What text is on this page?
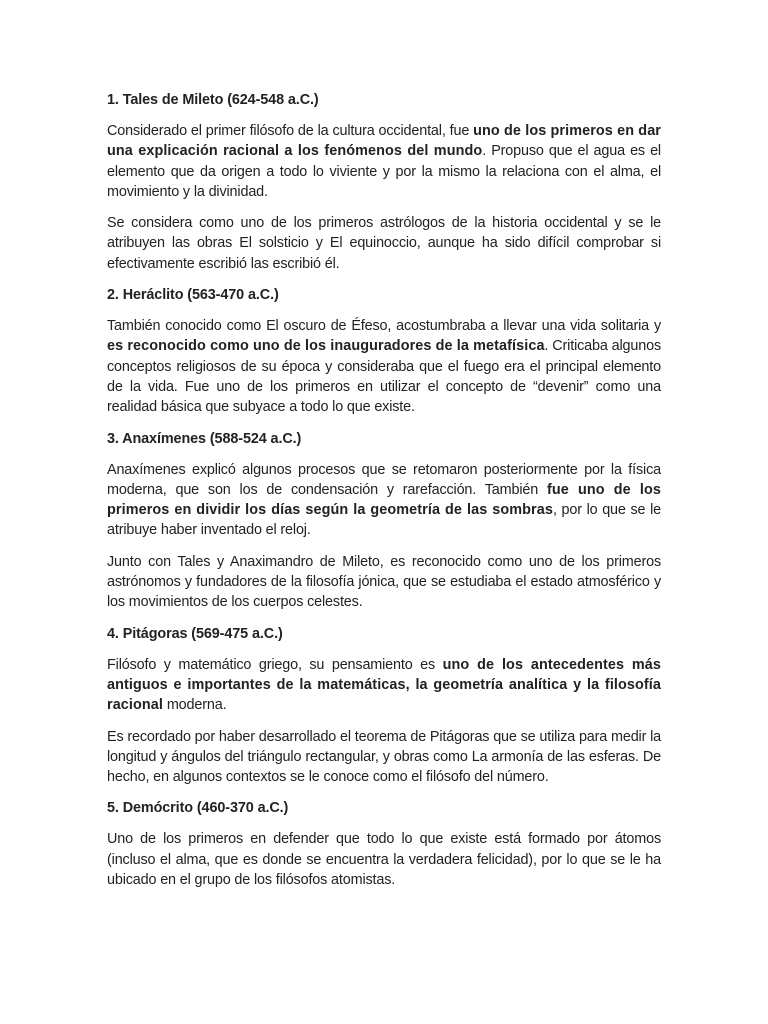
1. Tales de Mileto (624-548 a.C.)
Considerado el primer filósofo de la cultura occidental, fue uno de los primeros en dar una explicación racional a los fenómenos del mundo. Propuso que el agua es el elemento que da origen a todo lo viviente y por la mismo la relaciona con el alma, el movimiento y la divinidad.
Se considera como uno de los primeros astrólogos de la historia occidental y se le atribuyen las obras El solsticio y El equinoccio, aunque ha sido difícil comprobar si efectivamente escribió las escribió él.
2. Heráclito (563-470 a.C.)
También conocido como El oscuro de Éfeso, acostumbraba a llevar una vida solitaria y es reconocido como uno de los inauguradores de la metafísica. Criticaba algunos conceptos religiosos de su época y consideraba que el fuego era el principal elemento de la vida. Fue uno de los primeros en utilizar el concepto de “devenir” como una realidad básica que subyace a todo lo que existe.
3. Anaxímenes (588-524 a.C.)
Anaxímenes explicó algunos procesos que se retomaron posteriormente por la física moderna, que son los de condensación y rarefacción. También fue uno de los primeros en dividir los días según la geometría de las sombras, por lo que se le atribuye haber inventado el reloj.
Junto con Tales y Anaximandro de Mileto, es reconocido como uno de los primeros astrónomos y fundadores de la filosofía jónica, que se estudiaba el estado atmosférico y los movimientos de los cuerpos celestes.
4. Pitágoras (569-475 a.C.)
Filósofo y matemático griego, su pensamiento es uno de los antecedentes más antiguos e importantes de la matemáticas, la geometría analítica y la filosofía racional moderna.
Es recordado por haber desarrollado el teorema de Pitágoras que se utiliza para medir la longitud y ángulos del triángulo rectangular, y obras como La armonía de las esferas. De hecho, en algunos contextos se le conoce como el filósofo del número.
5. Demócrito (460-370 a.C.)
Uno de los primeros en defender que todo lo que existe está formado por átomos (incluso el alma, que es donde se encuentra la verdadera felicidad), por lo que se le ha ubicado en el grupo de los filósofos atomistas.
